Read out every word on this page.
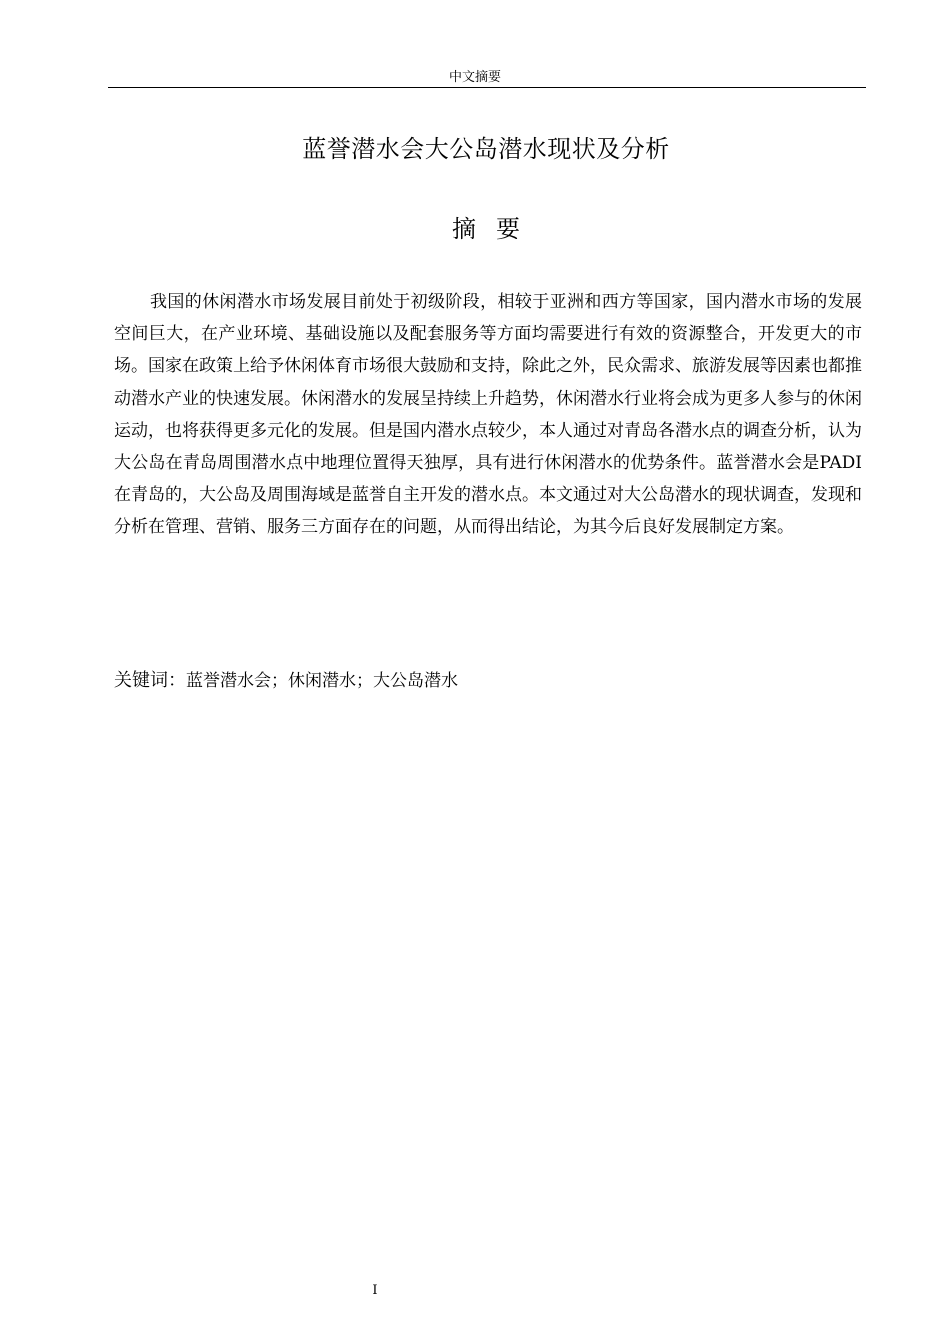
中文摘要
蓝誉潜水会大公岛潜水现状及分析
摘要

我国的休闲潜水市场发展目前处于初级阶段，相较于亚洲和西方等国家，国内潜水市场的发展空间巨大，在产业环境、基础设施以及配套服务等方面均需要进行有效的资源整合，开发更大的市场。国家在政策上给予休闲体育市场很大鼓励和支持，除此之外，民众需求、旅游发展等因素也都推动潜水产业的快速发展。休闲潜水的发展呈持续上升趋势，休闲潜水行业将会成为更多人参与的休闲运动，也将获得更多元化的发展。但是国内潜水点较少，本人通过对青岛各潜水点的调查分析，认为大公岛在青岛周围潜水点中地理位置得天独厚，具有进行休闲潜水的优势条件。蓝誉潜水会是PADI在青岛的，大公岛及周围海域是蓝誉自主开发的潜水点。本文通过对大公岛潜水的现状调查，发现和分析在管理、营销、服务三方面存在的问题，从而得出结论，为其今后良好发展制定方案。

关键词：蓝誉潜水会；休闲潜水；大公岛潜水
I
